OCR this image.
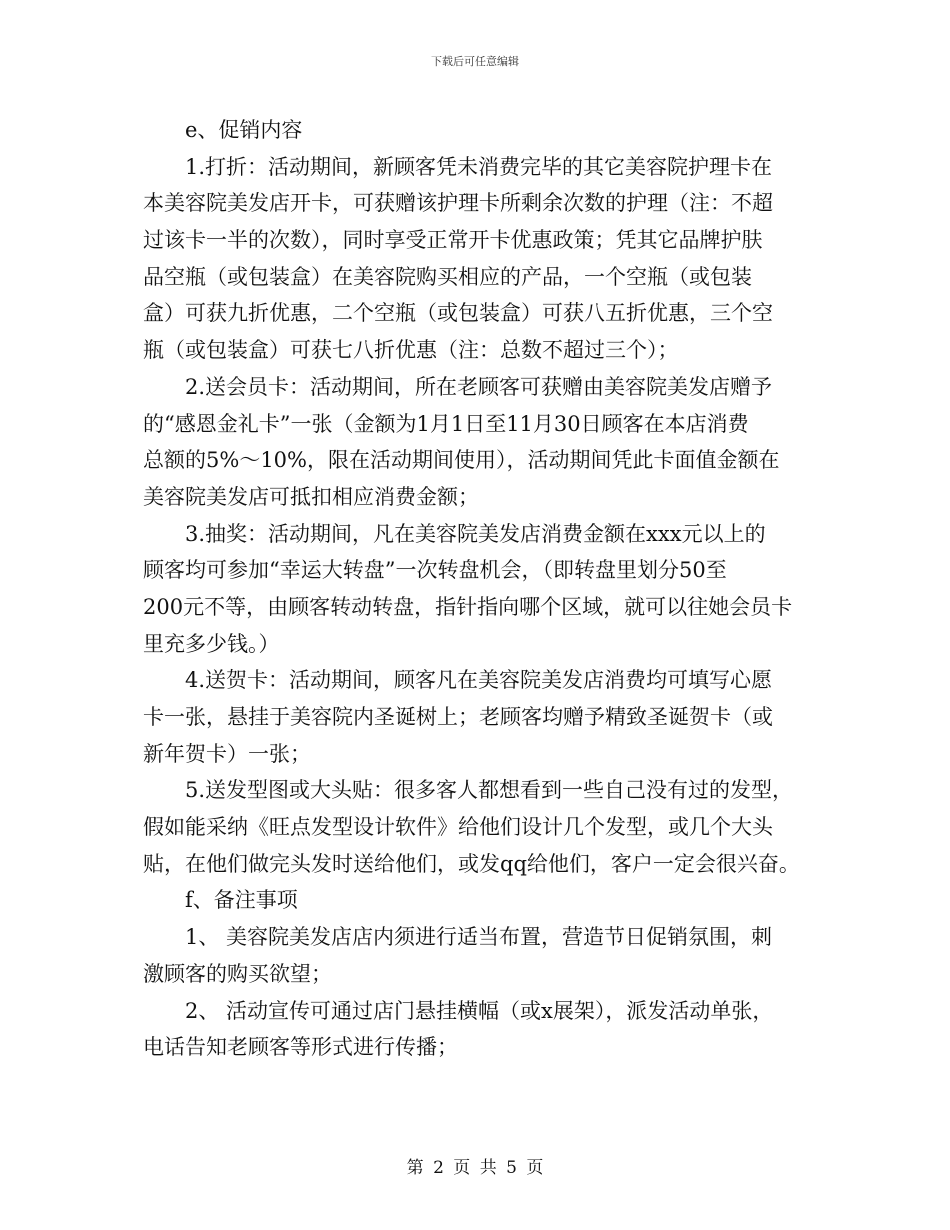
下载后可任意编辑
e、促销内容
1.打折：活动期间，新顾客凭未消费完毕的其它美容院护理卡在
本美容院美发店开卡，可获赠该护理卡所剩余次数的护理（注：不超
过该卡一半的次数），同时享受正常开卡优惠政策；凭其它品牌护肤
品空瓶（或包装盒）在美容院购买相应的产品，一个空瓶（或包装
盒）可获九折优惠，二个空瓶（或包装盒）可获八五折优惠，三个空
瓶（或包装盒）可获七八折优惠（注：总数不超过三个）；
2.送会员卡：活动期间，所在老顾客可获赠由美容院美发店赠予
的“感恩金礼卡”一张（金额为1月1日至11月30日顾客在本店消费
总额的5%～10%，限在活动期间使用），活动期间凭此卡面值金额在
美容院美发店可抵扣相应消费金额；
3.抽奖：活动期间，凡在美容院美发店消费金额在xxx元以上的
顾客均可参加“幸运大转盘”一次转盘机会，（即转盘里划分50至
200元不等，由顾客转动转盘，指针指向哪个区域，就可以往她会员卡
里充多少钱。）
4.送贺卡：活动期间，顾客凡在美容院美发店消费均可填写心愿
卡一张，悬挂于美容院内圣诞树上；老顾客均赠予精致圣诞贺卡（或
新年贺卡）一张；
5.送发型图或大头贴：很多客人都想看到一些自己没有过的发型，
假如能采纳《旺点发型设计软件》给他们设计几个发型，或几个大头
贴，在他们做完头发时送给他们，或发qq给他们，客户一定会很兴奋。
f、备注事项
1、 美容院美发店店内须进行适当布置，营造节日促销氛围，刺
激顾客的购买欲望；
2、 活动宣传可通过店门悬挂横幅（或x展架），派发活动单张，
电话告知老顾客等形式进行传播；
第 2 页 共 5 页
